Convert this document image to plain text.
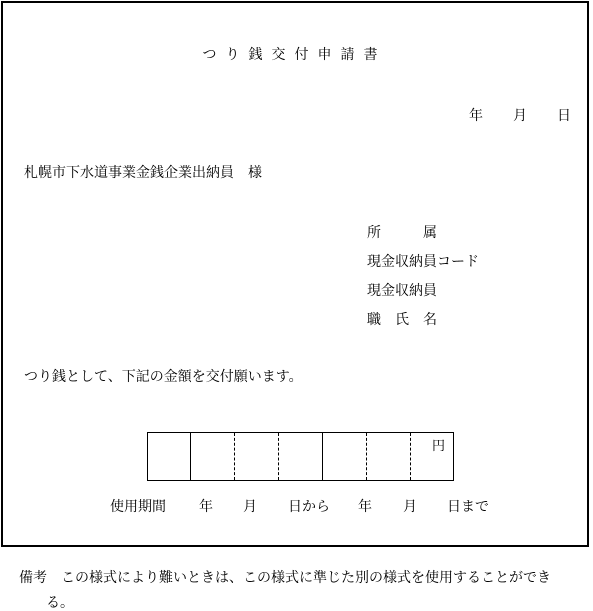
つり銭交付申請書
年 月 日
札幌市下水道事業金銭企業出納員　様
所	属
現金収納員コード
現金収納員
職 氏 名
つり銭として、下記の金額を交付願います。
円
使用期間 年 月 日から 年 月 日まで
備考 この様式により難いときは、この様式に準じた別の様式を使用することができ
る。
